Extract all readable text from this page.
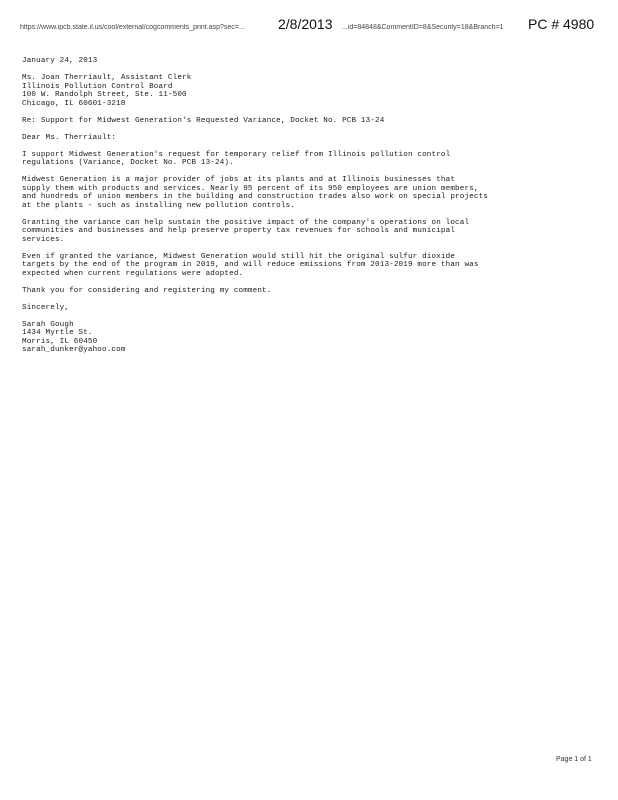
https://www.ipcb.state.il.us/cool/external/cogcomments_print.asp?sec=...	2/8/2013 ...id=84848&CommentID=8&Security=18&Branch=1	PC # 4980

January 24, 2013

Ms. Joan Therriault, Assistant Clerk
Illinois Pollution Control Board
100 W. Randolph Street, Ste. 11-500
Chicago, IL 60601-3218

Re: Support for Midwest Generation's Requested Variance, Docket No. PCB 13-24

Dear Ms. Therriault:

I support Midwest Generation's request for temporary relief from Illinois pollution control
regulations (Variance, Docket No. PCB 13-24).

Midwest Generation is a major provider of jobs at its plants and at Illinois businesses that
supply them with products and services. Nearly 95 percent of its 950 employees are union members,
and hundreds of union members in the building and construction trades also work on special projects
at the plants - such as installing new pollution controls.

Granting the variance can help sustain the positive impact of the company's operations on local
communities and businesses and help preserve property tax revenues for schools and municipal
services.

Even if granted the variance, Midwest Generation would still hit the original sulfur dioxide
targets by the end of the program in 2019, and will reduce emissions from 2013-2019 more than was
expected when current regulations were adopted.

Thank you for considering and registering my comment.

Sincerely,

Sarah Gough
1434 Myrtle St.
Morris, IL 60450
sarah_dunker@yahoo.com

Page 1 of 1
